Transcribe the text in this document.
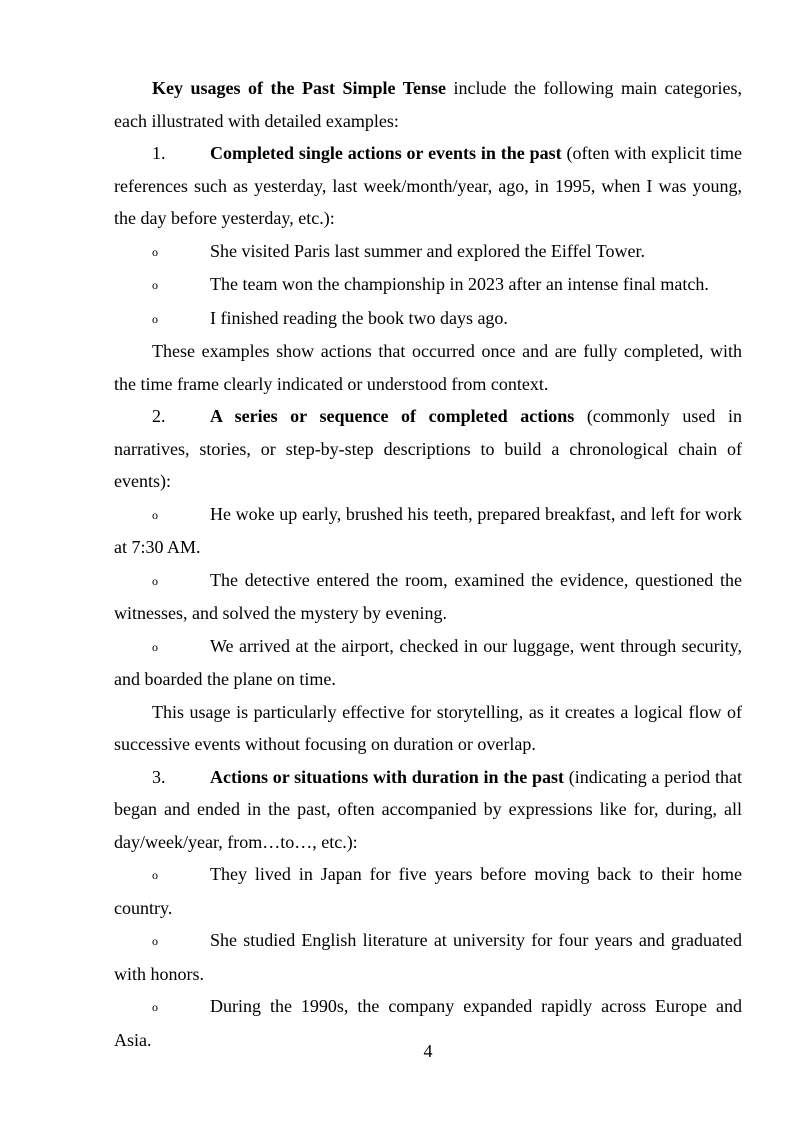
Key usages of the Past Simple Tense include the following main categories, each illustrated with detailed examples:

1. Completed single actions or events in the past (often with explicit time references such as yesterday, last week/month/year, ago, in 1995, when I was young, the day before yesterday, etc.):

o	She visited Paris last summer and explored the Eiffel Tower.

o	The team won the championship in 2023 after an intense final match.

o	I finished reading the book two days ago.

These examples show actions that occurred once and are fully completed, with the time frame clearly indicated or understood from context.

2. A series or sequence of completed actions (commonly used in narratives, stories, or step-by-step descriptions to build a chronological chain of events):

o	He woke up early, brushed his teeth, prepared breakfast, and left for work at 7:30 AM.

o	The detective entered the room, examined the evidence, questioned the witnesses, and solved the mystery by evening.

o	We arrived at the airport, checked in our luggage, went through security, and boarded the plane on time.

This usage is particularly effective for storytelling, as it creates a logical flow of successive events without focusing on duration or overlap.

3. Actions or situations with duration in the past (indicating a period that began and ended in the past, often accompanied by expressions like for, during, all day/week/year, from…to…, etc.):

o	They lived in Japan for five years before moving back to their home country.

o	She studied English literature at university for four years and graduated with honors.

o	During the 1990s, the company expanded rapidly across Europe and Asia.

4
